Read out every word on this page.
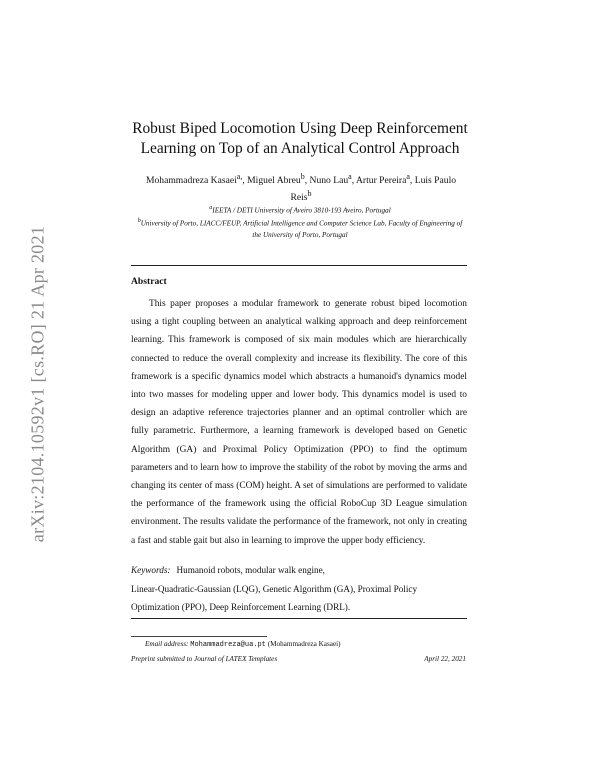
arXiv:2104.10592v1 [cs.RO] 21 Apr 2021
Robust Biped Locomotion Using Deep Reinforcement
Learning on Top of an Analytical Control Approach
Mohammadreza Kasaei$^{a,}$, Miguel Abreu$^b$, Nuno Lau$^a$, Artur Pereira$^a$, Luis Paulo Reis$^b$
$^a$IEETA / DETI University of Aveiro 3810-193 Aveiro, Portugal
$^b$University of Porto, LIACC/FEUP, Artificial Intelligence and Computer Science Lab, Faculty of Engineering of the University of Porto, Portugal
Abstract

This paper proposes a modular framework to generate robust biped locomotion using a tight coupling between an analytical walking approach and deep reinforcement learning. This framework is composed of six main modules which are hierarchically connected to reduce the overall complexity and increase its flexibility. The core of this framework is a specific dynamics model which abstracts a humanoid's dynamics model into two masses for modeling upper and lower body. This dynamics model is used to design an adaptive reference trajectories planner and an optimal controller which are fully parametric. Furthermore, a learning framework is developed based on Genetic Algorithm (GA) and Proximal Policy Optimization (PPO) to find the optimum parameters and to learn how to improve the stability of the robot by moving the arms and changing its center of mass (COM) height. A set of simulations are performed to validate the performance of the framework using the official RoboCup 3D League simulation environment. The results validate the performance of the framework, not only in creating a fast and stable gait but also in learning to improve the upper body efficiency.

Keywords: Humanoid robots, modular walk engine,
Linear-Quadratic-Gaussian (LQG), Genetic Algorithm (GA), Proximal Policy
Optimization (PPO), Deep Reinforcement Learning (DRL).
Email address: Mohammadreza@ua.pt (Mohammadreza Kasaei)
Preprint submitted to Journal of LATEX Templates	April 22, 2021
